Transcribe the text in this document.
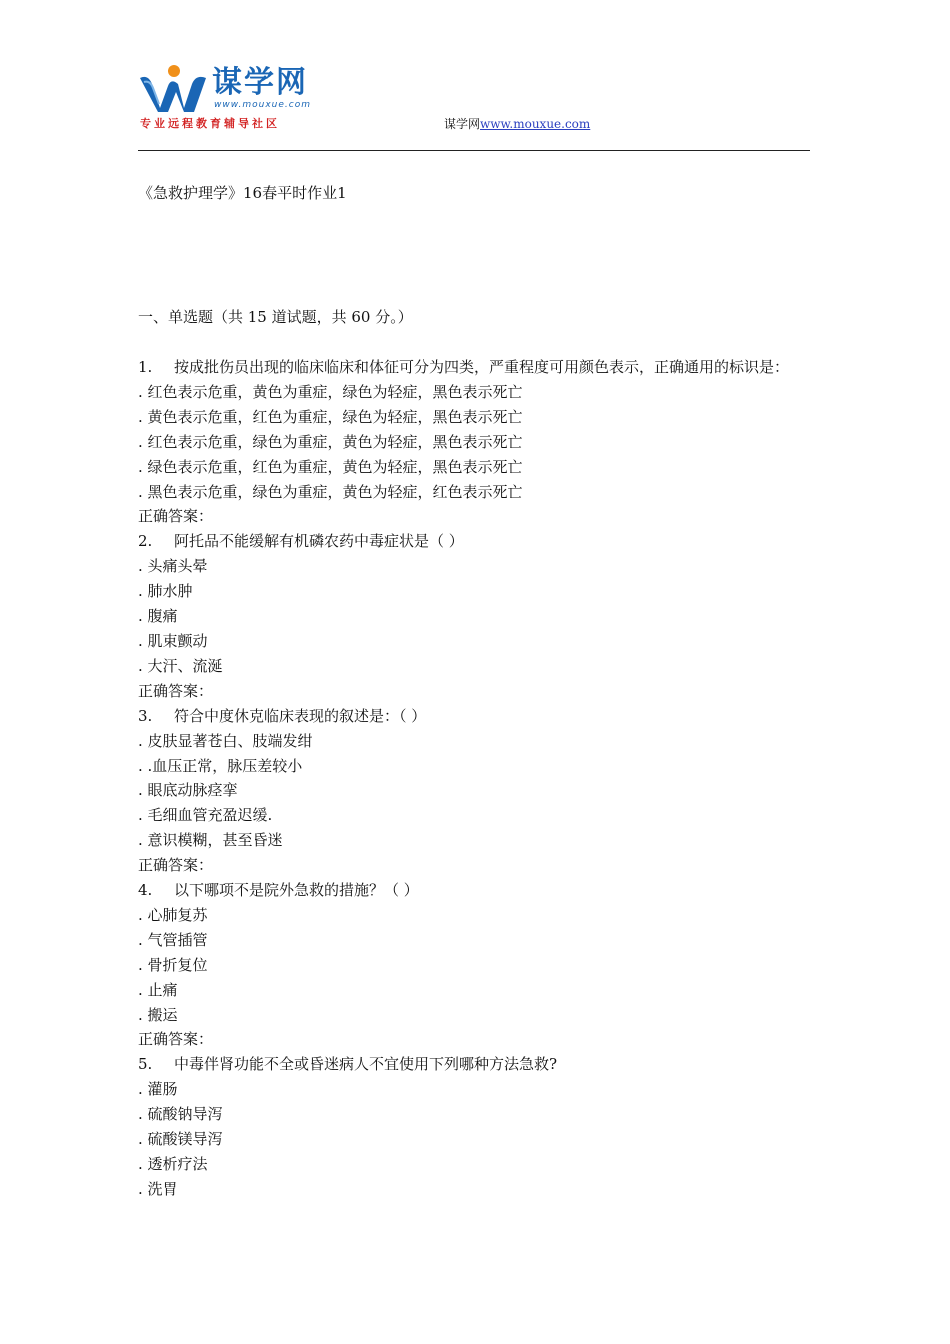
谋学网
www.mouxue.com
专业远程教育辅导社区	谋学网www.mouxue.com
《急救护理学》16春平时作业1
一、单选题（共 15 道试题，共 60 分。）
1.	按成批伤员出现的临床临床和体征可分为四类，严重程度可用颜色表示，正确通用的标识是：
. 红色表示危重，黄色为重症，绿色为轻症，黑色表示死亡
. 黄色表示危重，红色为重症，绿色为轻症，黑色表示死亡
. 红色表示危重，绿色为重症，黄色为轻症，黑色表示死亡
. 绿色表示危重，红色为重症，黄色为轻症，黑色表示死亡
. 黑色表示危重，绿色为重症，黄色为轻症，红色表示死亡
正确答案：
2.	阿托品不能缓解有机磷农药中毒症状是（ ）
. 头痛头晕
. 肺水肿
. 腹痛
. 肌束颤动
. 大汗、流涎
正确答案：
3.	符合中度休克临床表现的叙述是：（ ）
. 皮肤显著苍白、肢端发绀
. .血压正常，脉压差较小
. 眼底动脉痉挛
. 毛细血管充盈迟缓.
. 意识模糊，甚至昏迷
正确答案：
4.	以下哪项不是院外急救的措施？（ ）
. 心肺复苏
. 气管插管
. 骨折复位
. 止痛
. 搬运
正确答案：
5.	中毒伴肾功能不全或昏迷病人不宜使用下列哪种方法急救?
. 灌肠
. 硫酸钠导泻
. 硫酸镁导泻
. 透析疗法
. 洗胃
